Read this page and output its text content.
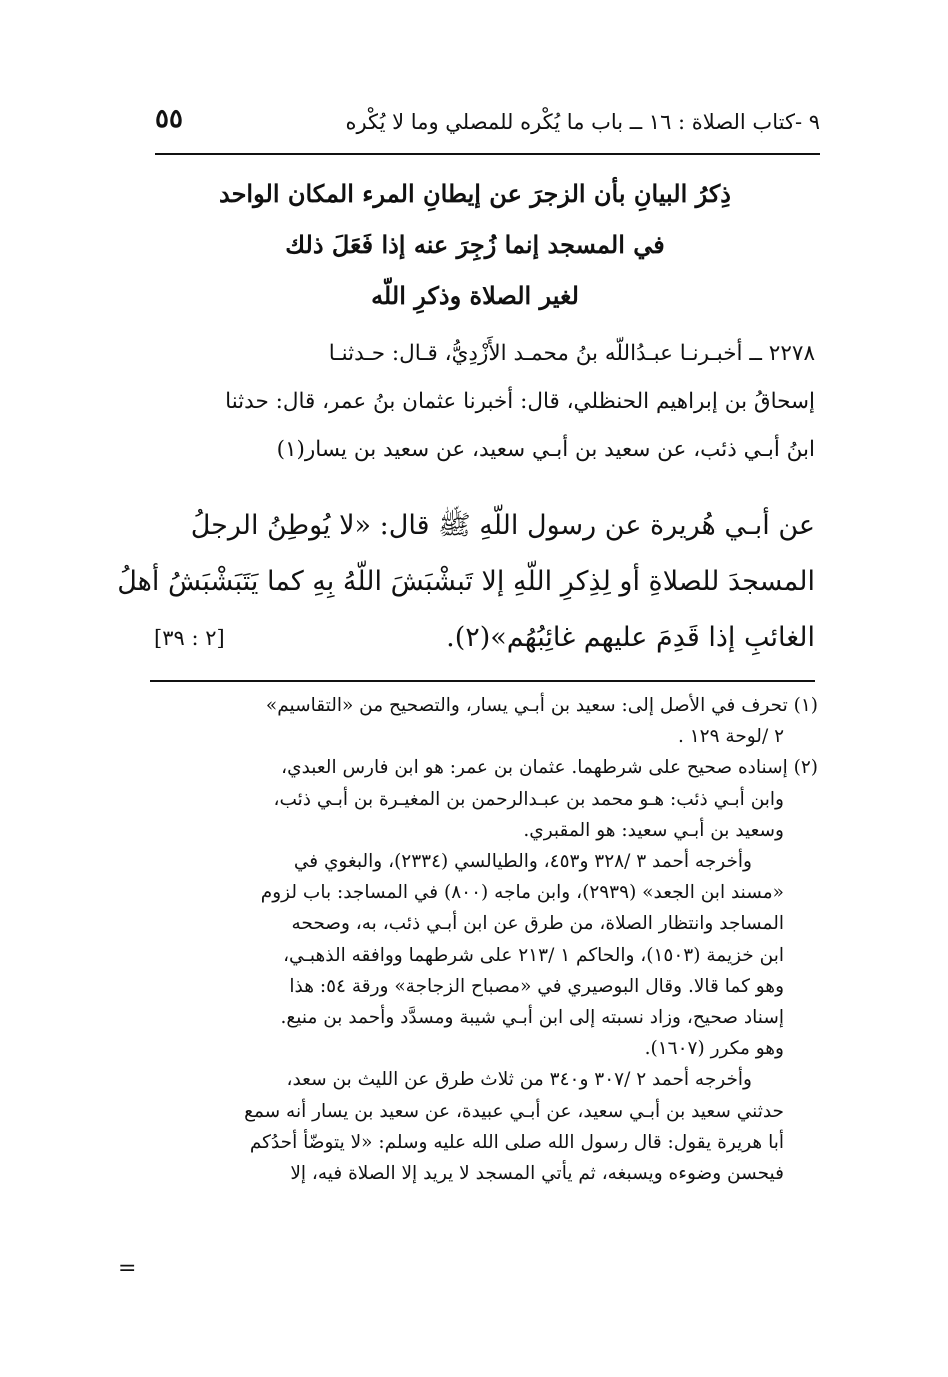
٩ -كتاب الصلاة : ١٦ ــ باب ما يُكْره للمصلي وما لا يُكْره
٥٥
ذِكرُ البيانِ بأن الزجرَ عن إيطانِ المرء المكان الواحد
في المسجد إنما زُجِرَ عنه إذا فَعَلَ ذلك
لغير الصلاة وذكرِ اللّه
٢٢٧٨ ــ أخبـرنـا عبـدُاللّه بنُ محمـد الأَزْدِيُّ، قـال: حـدثنـا
إسحاقُ بن إبراهيم الحنظلي، قال: أخبرنا عثمان بنُ عمر، قال: حدثنا
ابنُ أبـي ذئب، عن سعيد بن أبـي سعيد، عن سعيد بن يسار(١)
عن أبـي هُريرة عن رسول اللّهِ ﷺ قال: «لا يُوطِنُ الرجلُ
المسجدَ للصلاةِ أو لِذِكرِ اللّهِ إلا تَبشْبَشَ اللّهُ بِهِ كما يَتَبَشْبَشُ أهلُ
الغائبِ إذا قَدِمَ عليهم غائِبُهُم»(٢).
[٢ : ٣٩]
(١) تحرف في الأصل إلى: سعيد بن أبـي يسار، والتصحيح من «التقاسيم»
٢ /لوحة ١٢٩ .
(٢) إسناده صحيح على شرطهما. عثمان بن عمر: هو ابن فارس العبدي،
وابن أبـي ذئب: هـو محمد بن عبـدالرحمن بن المغيـرة بن أبـي ذئب،
وسعيد بن أبـي سعيد: هو المقبري.
وأخرجه أحمد ٣ /٣٢٨ و٤٥٣، والطيالسي (٢٣٣٤)، والبغوي في
«مسند ابن الجعد» (٢٩٣٩)، وابن ماجه (٨٠٠) في المساجد: باب لزوم
المساجد وانتظار الصلاة، من طرق عن ابن أبـي ذئب، به، وصححه
ابن خزيمة (١٥٠٣)، والحاكم ١ /٢١٣ على شرطهما ووافقه الذهبـي،
وهو كما قالا. وقال البوصيري في «مصباح الزجاجة» ورقة ٥٤: هذا
إسناد صحيح، وزاد نسبته إلى ابن أبـي شيبة ومسدَّد وأحمد بن منيع.
وهو مكرر (١٦٠٧).
وأخرجه أحمد ٢ /٣٠٧ و٣٤٠ من ثلاث طرق عن الليث بن سعد،
حدثني سعيد بن أبـي سعيد، عن أبـي عبيدة، عن سعيد بن يسار أنه سمع
أبا هريرة يقول: قال رسول الله صلى الله عليه وسلم: «لا يتوضّأ أحدُكم
فيحسن وضوءه ويسبغه، ثم يأتي المسجد لا يريد إلا الصلاة فيه، إلا
=
